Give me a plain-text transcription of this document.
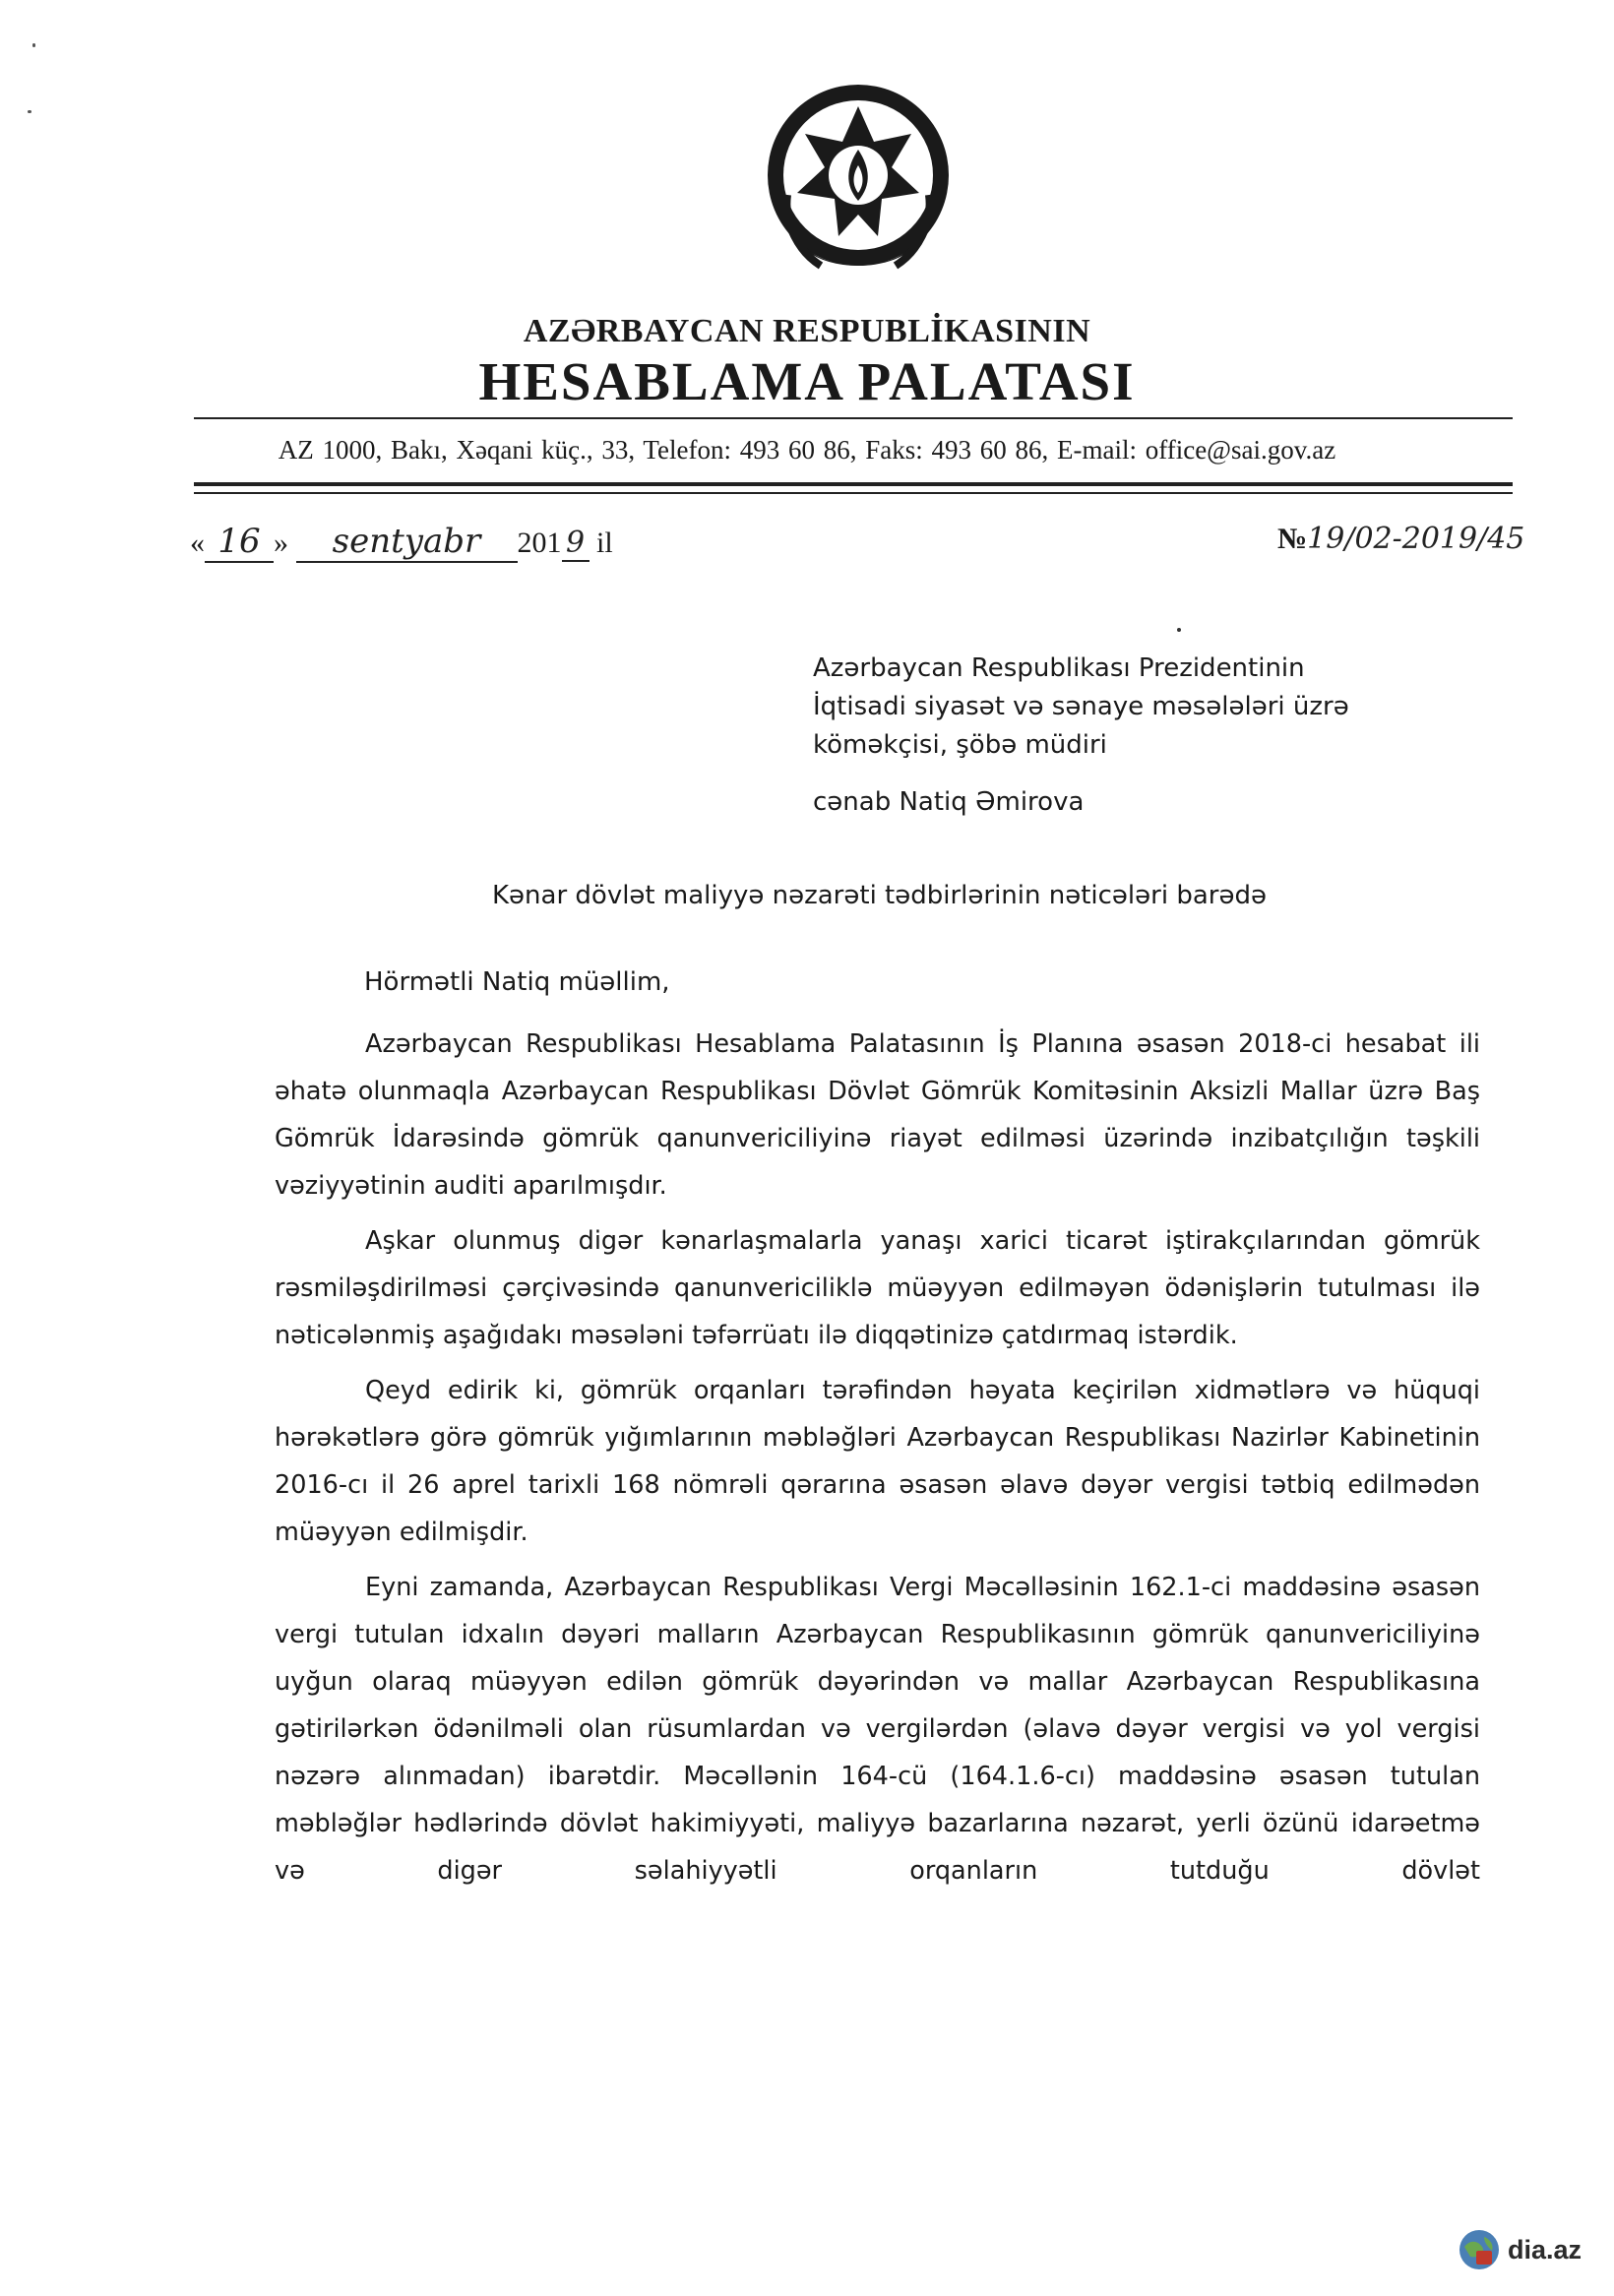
AZƏRBAYCAN RESPUBLİKASININ
HESABLAMA PALATASI
AZ 1000, Bakı, Xəqani küç., 33, Telefon: 493 60 86, Faks: 493 60 86, E-mail: office@sai.gov.az
« 16 » sentyabr 201 9 il	№19/02-2019/45
Azərbaycan Respublikası Prezidentinin
İqtisadi siyasət və sənaye məsələləri üzrə
köməkçisi, şöbə müdiri
cənab Natiq Əmirova
Kənar dövlət maliyyə nəzarəti tədbirlərinin nəticələri barədə
Hörmətli Natiq müəllim,

Azərbaycan Respublikası Hesablama Palatasının İş Planına əsasən 2018-ci hesabat ili əhatə olunmaqla Azərbaycan Respublikası Dövlət Gömrük Komitəsinin Aksizli Mallar üzrə Baş Gömrük İdarəsində gömrük qanunvericiliyinə riayət edilməsi üzərində inzibatçılığın təşkili vəziyyətinin auditi aparılmışdır.

Aşkar olunmuş digər kənarlaşmalarla yanaşı xarici ticarət iştirakçılarından gömrük rəsmiləşdirilməsi çərçivəsində qanunvericiliklə müəyyən edilməyən ödənişlərin tutulması ilə nəticələnmiş aşağıdakı məsələni təfərrüatı ilə diqqətinizə çatdırmaq istərdik.

Qeyd edirik ki, gömrük orqanları tərəfindən həyata keçirilən xidmətlərə və hüquqi hərəkətlərə görə gömrük yığımlarının məbləğləri Azərbaycan Respublikası Nazirlər Kabinetinin 2016-cı il 26 aprel tarixli 168 nömrəli qərarına əsasən əlavə dəyər vergisi tətbiq edilmədən müəyyən edilmişdir.

Eyni zamanda, Azərbaycan Respublikası Vergi Məcəlləsinin 162.1-ci maddəsinə əsasən vergi tutulan idxalın dəyəri malların Azərbaycan Respublikasının gömrük qanunvericiliyinə uyğun olaraq müəyyən edilən gömrük dəyərindən və mallar Azərbaycan Respublikasına gətirilərkən ödənilməli olan rüsumlardan və vergilərdən (əlavə dəyər vergisi və yol vergisi nəzərə alınmadan) ibarətdir. Məcəllənin 164-cü (164.1.6-cı) maddəsinə əsasən tutulan məbləğlər hədlərində dövlət hakimiyyəti, maliyyə bazarlarına nəzarət, yerli özünü idarəetmə və digər səlahiyyətli orqanların tutduğu dövlət

dia.az
